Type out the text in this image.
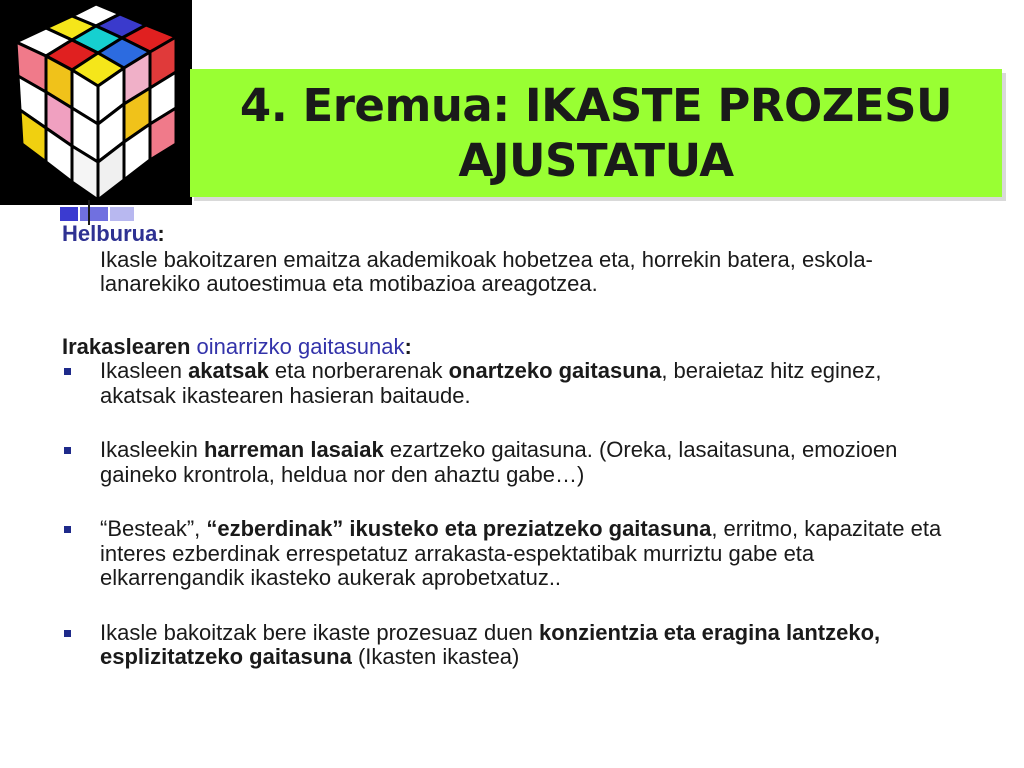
4. Eremua: IKASTE PROZESU
AJUSTATUA
Helburua:
Ikasle bakoitzaren emaitza akademikoak hobetzea eta, horrekin batera, eskola-lanarekiko autoestimua eta motibazioa areagotzea.
Irakaslearen oinarrizko gaitasunak:
Ikasleen akatsak eta norberarenak onartzeko gaitasuna, beraietaz hitz eginez, akatsak ikastearen hasieran baitaude.
Ikasleekin harreman lasaiak ezartzeko gaitasuna. (Oreka, lasaitasuna, emozioen gaineko krontrola, heldua nor den ahaztu gabe…)
“Besteak”, “ezberdinak” ikusteko eta preziatzeko gaitasuna, erritmo, kapazitate eta interes ezberdinak errespetatuz arrakasta-espektatibak murriztu gabe eta elkarrengandik ikasteko aukerak aprobetxatuz..
Ikasle bakoitzak bere ikaste prozesuaz duen konzientzia eta eragina lantzeko, esplizitatzeko gaitasuna (Ikasten ikastea)
